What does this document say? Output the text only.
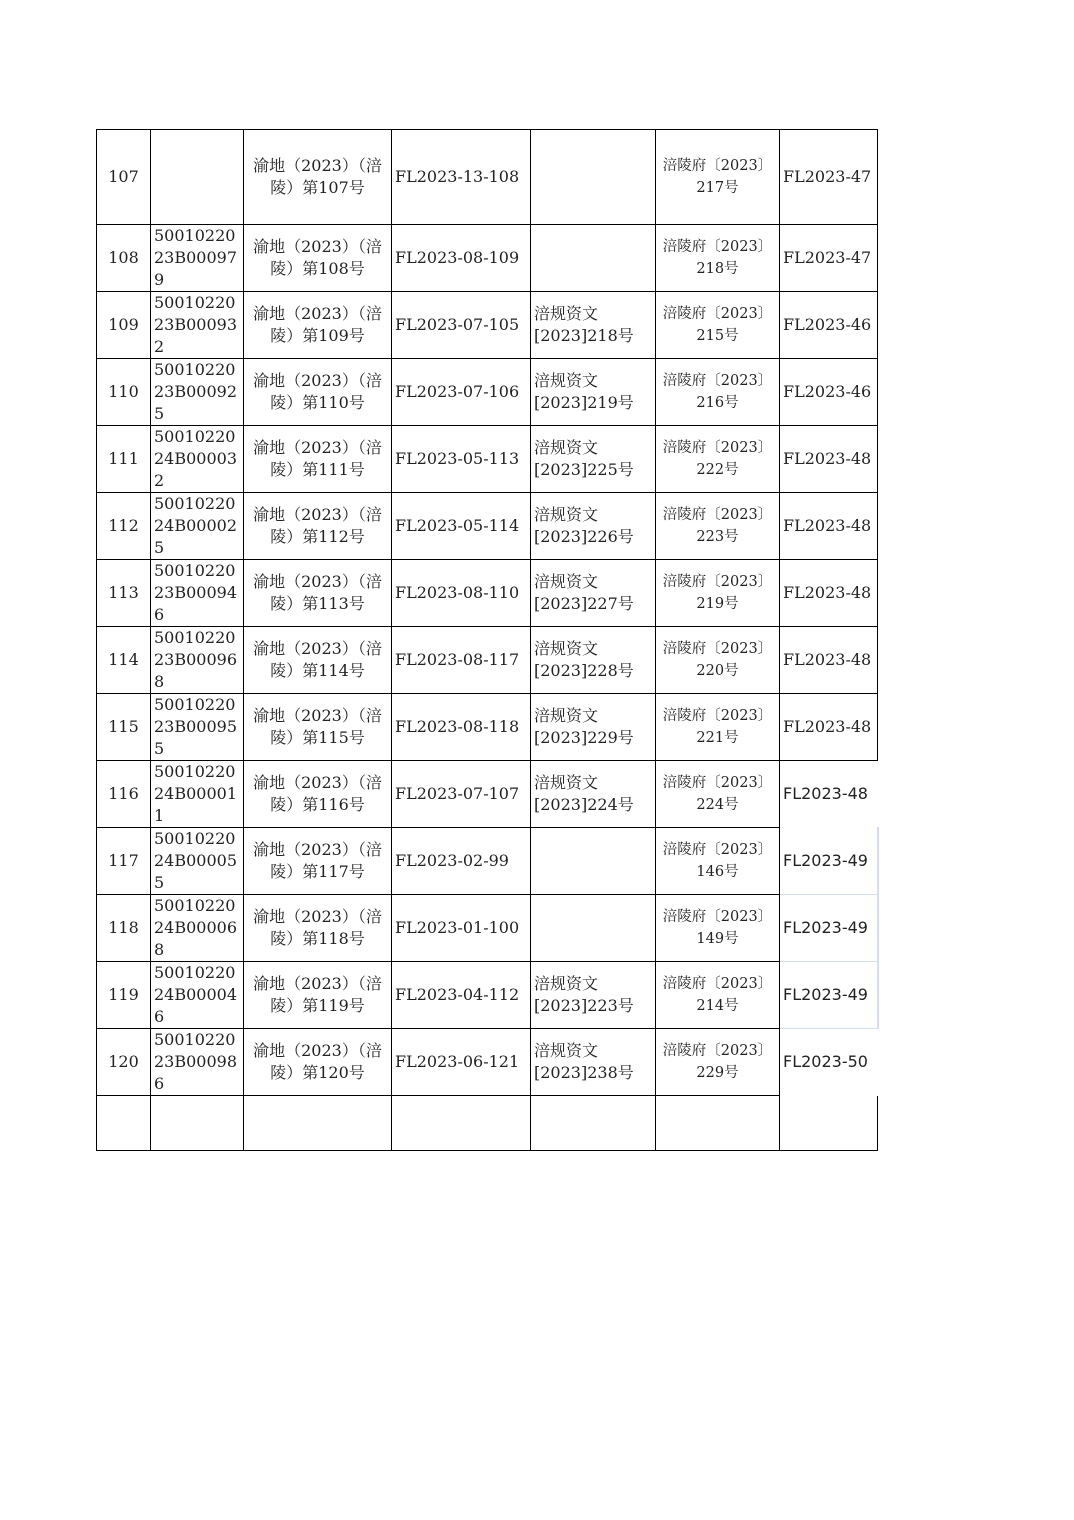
107		渝地（2023）（涪陵）第107号	FL2023-13-108		涪陵府〔2023〕217号	FL2023-47
108	5001022023B000979	渝地（2023）（涪陵）第108号	FL2023-08-109		涪陵府〔2023〕218号	FL2023-47
109	5001022023B000932	渝地（2023）（涪陵）第109号	FL2023-07-105	涪规资文[2023]218号	涪陵府〔2023〕215号	FL2023-46
110	5001022023B000925	渝地（2023）（涪陵）第110号	FL2023-07-106	涪规资文[2023]219号	涪陵府〔2023〕216号	FL2023-46
111	5001022024B000032	渝地（2023）（涪陵）第111号	FL2023-05-113	涪规资文[2023]225号	涪陵府〔2023〕222号	FL2023-48
112	5001022024B000025	渝地（2023）（涪陵）第112号	FL2023-05-114	涪规资文[2023]226号	涪陵府〔2023〕223号	FL2023-48
113	5001022023B000946	渝地（2023）（涪陵）第113号	FL2023-08-110	涪规资文[2023]227号	涪陵府〔2023〕219号	FL2023-48
114	5001022023B000968	渝地（2023）（涪陵）第114号	FL2023-08-117	涪规资文[2023]228号	涪陵府〔2023〕220号	FL2023-48
115	5001022023B000955	渝地（2023）（涪陵）第115号	FL2023-08-118	涪规资文[2023]229号	涪陵府〔2023〕221号	FL2023-48
116	5001022024B000011	渝地（2023）（涪陵）第116号	FL2023-07-107	涪规资文[2023]224号	涪陵府〔2023〕224号	FL2023-48
117	5001022024B000055	渝地（2023）（涪陵）第117号	FL2023-02-99		涪陵府〔2023〕146号	FL2023-49
118	5001022024B000068	渝地（2023）（涪陵）第118号	FL2023-01-100		涪陵府〔2023〕149号	FL2023-49
119	5001022024B000046	渝地（2023）（涪陵）第119号	FL2023-04-112	涪规资文[2023]223号	涪陵府〔2023〕214号	FL2023-49
120	5001022023B000986	渝地（2023）（涪陵）第120号	FL2023-06-121	涪规资文[2023]238号	涪陵府〔2023〕229号	FL2023-50
